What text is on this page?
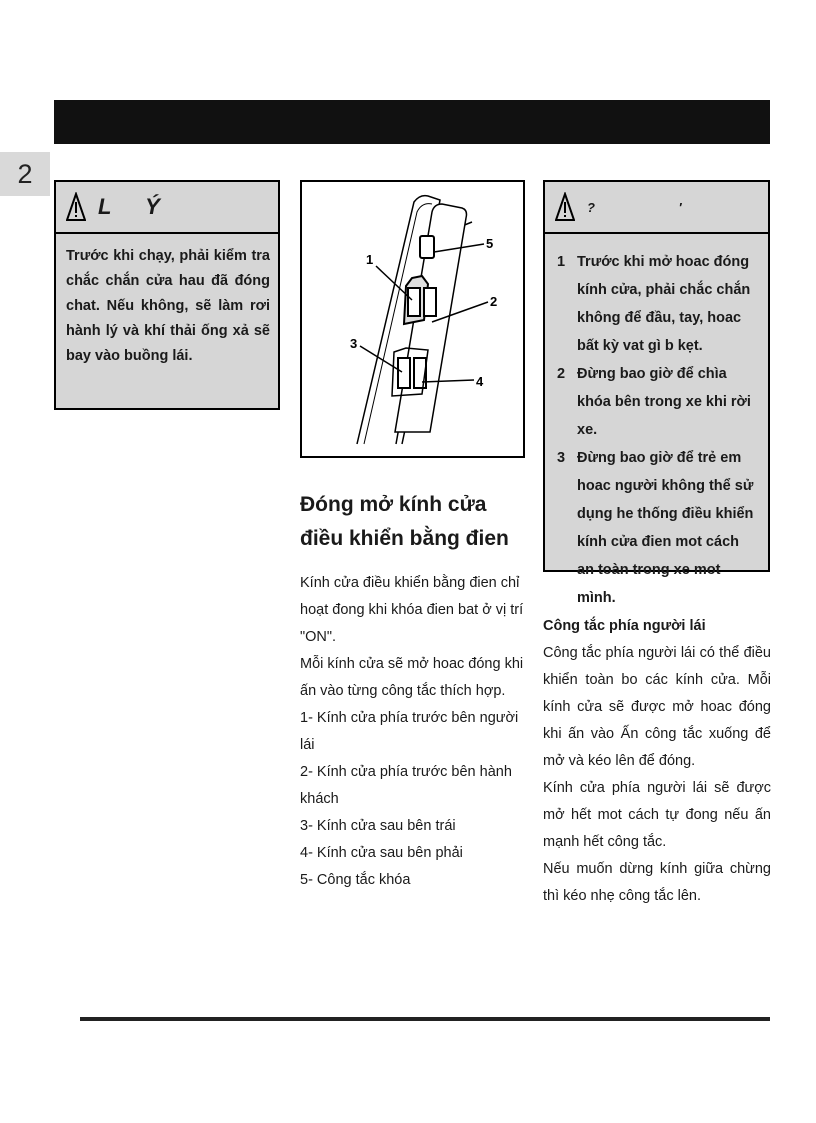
2
L Ý
Trước khi chạy, phải kiểm tra chắc chắn cửa hau đã đóng chat. Nếu không, sẽ làm rơi hành lý và khí thải ống xả sẽ bay vào buồng lái.
1
2
3
4
5
Đóng mở kính cửa điều khiển bằng đien

Kính cửa điều khiển bằng đien chỉ hoạt đong khi khóa đien bat ở vị trí "ON".

Mỗi kính cửa sẽ mở hoac đóng khi ấn vào từng công tắc thích hợp.

1- Kính cửa phía trước bên người lái

2- Kính cửa phía trước bên hành khách

3- Kính cửa sau bên trái

4- Kính cửa sau bên phải

5- Công tắc khóa

? ′
1 Trước khi mở hoac đóng kính cửa, phải chắc chắn không để đầu, tay, hoac bất kỳ vat gì b kẹt.
2 Đừng bao giờ để chìa khóa bên trong xe khi rời xe.
3 Đừng bao giờ để trẻ em hoac người không thể sử dụng he thống điều khiển kính cửa đien mot cách an toàn trong xe mot mình.

Công tắc phía người lái

Công tắc phía người lái có thể điều khiển toàn bo các kính cửa. Mỗi kính cửa sẽ được mở hoac đóng khi ấn vào Ấn công tắc xuống để mở và kéo lên để đóng.

Kính cửa phía người lái sẽ được mở hết mot cách tự đong nếu ấn mạnh hết công tắc.

Nếu muốn dừng kính giữa chừng thì kéo nhẹ công tắc lên.
